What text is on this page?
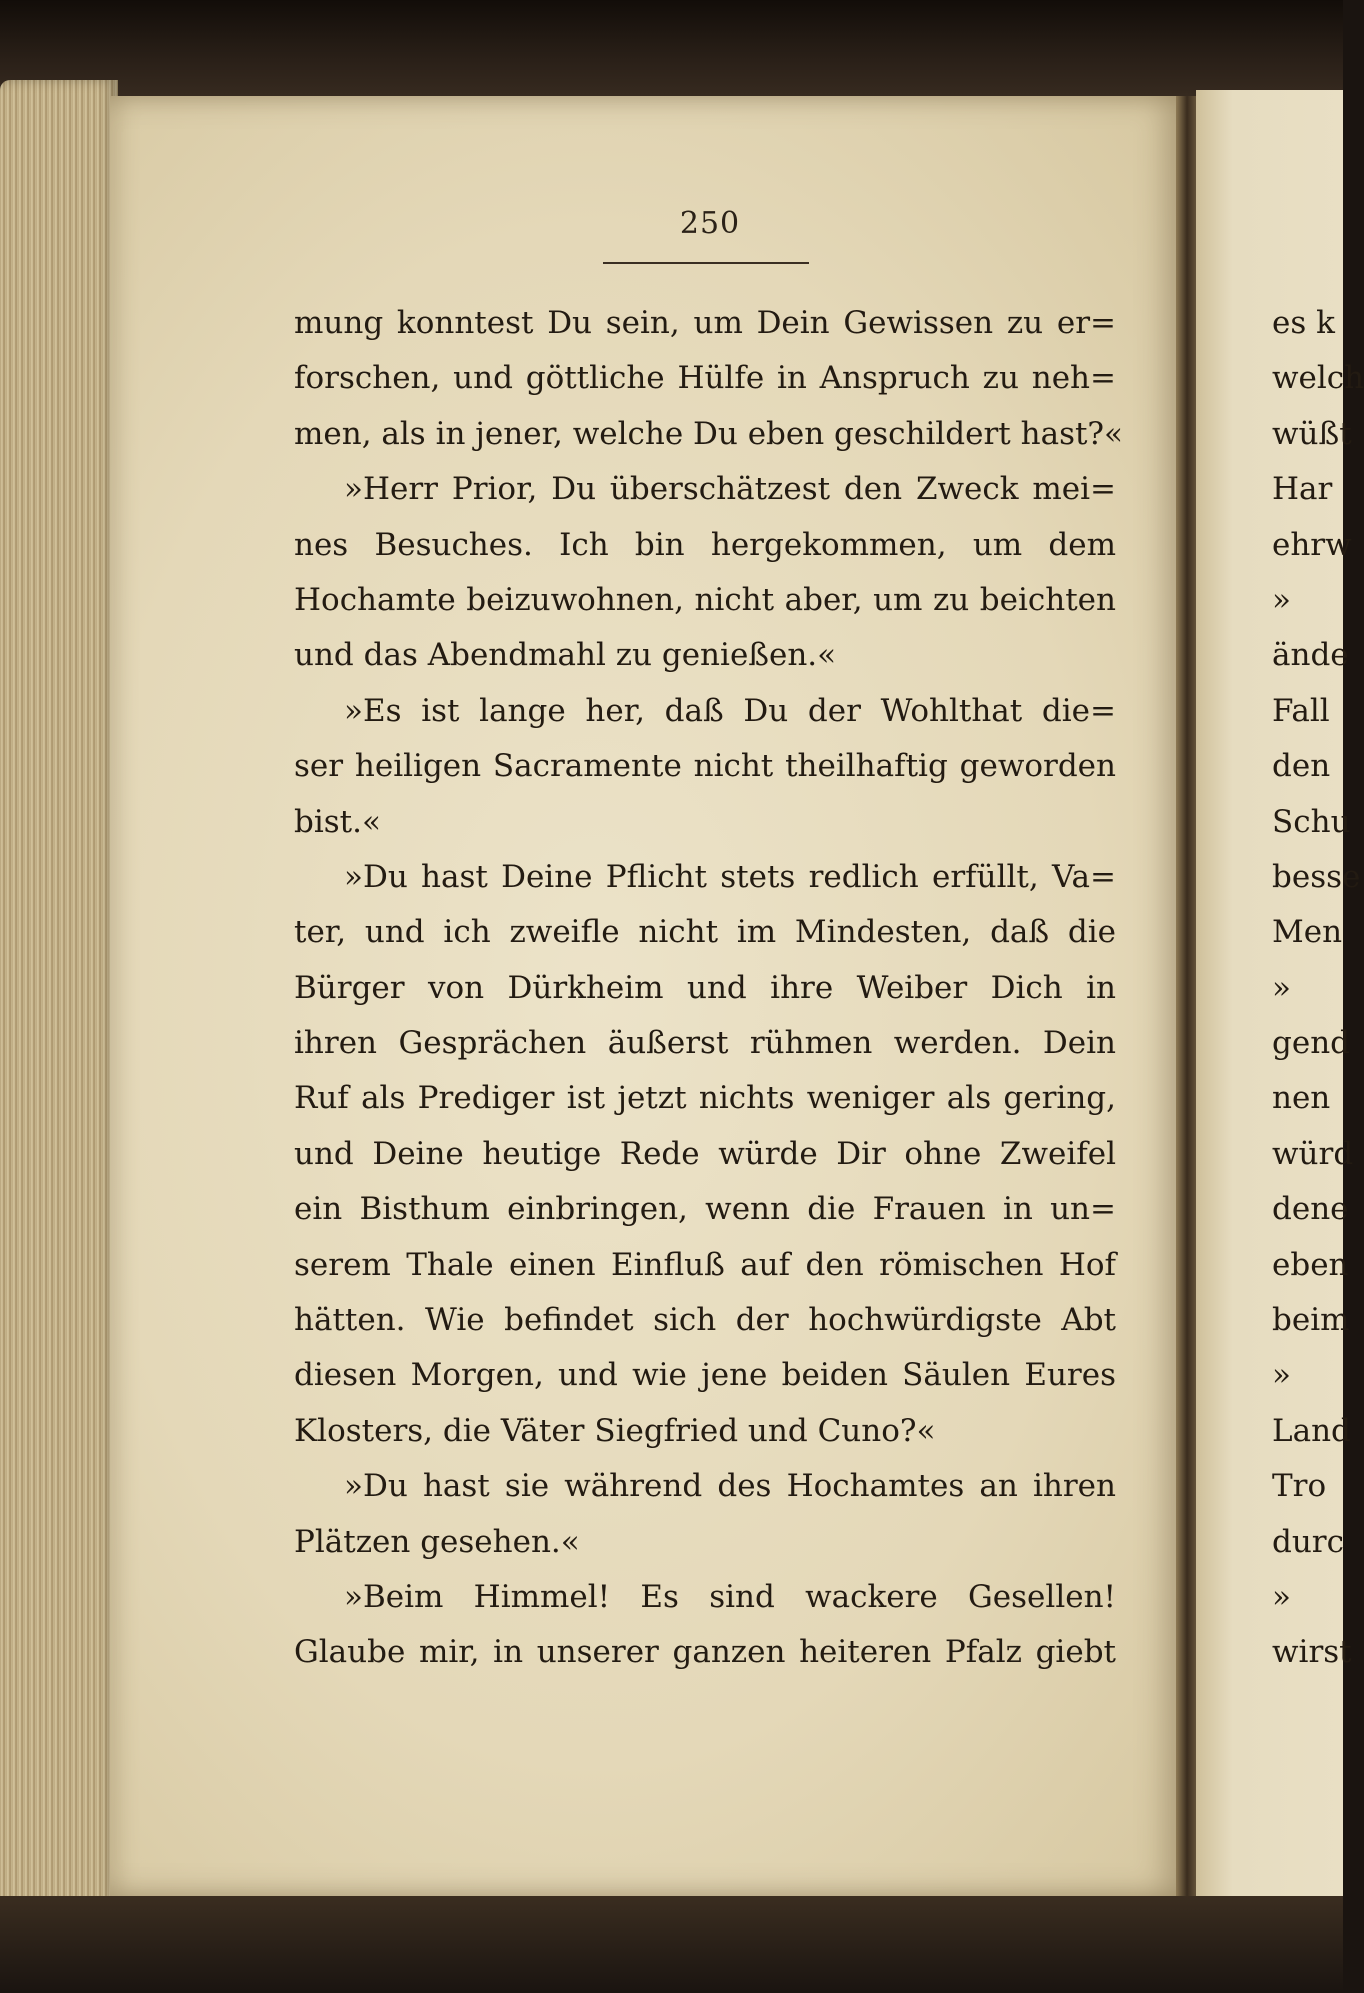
250
mung konntest Du sein, um Dein Gewissen zu er=
forschen, und göttliche Hülfe in Anspruch zu neh=
men, als in jener, welche Du eben geschildert hast?«
»Herr Prior, Du überschätzest den Zweck mei=
nes Besuches. Ich bin hergekommen, um dem
Hochamte beizuwohnen, nicht aber, um zu beichten
und das Abendmahl zu genießen.«
»Es ist lange her, daß Du der Wohlthat die=
ser heiligen Sacramente nicht theilhaftig geworden
bist.«
»Du hast Deine Pflicht stets redlich erfüllt, Va=
ter, und ich zweifle nicht im Mindesten, daß die
Bürger von Dürkheim und ihre Weiber Dich in
ihren Gesprächen äußerst rühmen werden. Dein
Ruf als Prediger ist jetzt nichts weniger als gering,
und Deine heutige Rede würde Dir ohne Zweifel
ein Bisthum einbringen, wenn die Frauen in un=
serem Thale einen Einfluß auf den römischen Hof
hätten. Wie befindet sich der hochwürdigste Abt
diesen Morgen, und wie jene beiden Säulen Eures
Klosters, die Väter Siegfried und Cuno?«
»Du hast sie während des Hochamtes an ihren
Plätzen gesehen.«
»Beim Himmel! Es sind wackere Gesellen!
Glaube mir, in unserer ganzen heiteren Pfalz giebt
es k
welch
wüßt
Har
ehrw
»
ände
Fall
den
Schu
besse
Men
»
gend
nen
würd
dene
eben
beim
»
Land
Tro
durc
»
wirst
